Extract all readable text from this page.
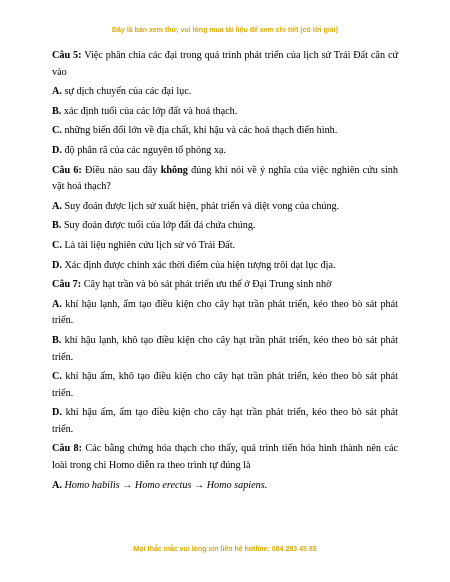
Đây là bản xem thử, vui lòng mua tài liệu để xem chi tiết (có lời giải)

Câu 5: Việc phân chia các đại trong quá trình phát triển của lịch sử Trái Đất căn cứ vào

A. sự dịch chuyển của các đại lục.

B. xác định tuổi của các lớp đất và hoá thạch.

C. những biến đổi lớn về địa chất, khí hậu và các hoá thạch điển hình.

D. độ phân rã của các nguyên tố phóng xạ.

Câu 6: Điều nào sau đây không đúng khi nói về ý nghĩa của việc nghiên cứu sinh vật hoá thạch?

A. Suy đoán được lịch sử xuất hiện, phát triển và diệt vong của chúng.

B. Suy đoán được tuổi của lớp đất đá chứa chúng.

C. Là tài liệu nghiên cứu lịch sử vỏ Trái Đất.

D. Xác định được chính xác thời điểm của hiện tượng trôi dạt lục địa.

Câu 7: Cây hạt trần và bò sát phát triển ưu thế ở Đại Trung sinh nhờ

A. khí hậu lạnh, ẩm tạo điều kiện cho cây hạt trần phát triển, kéo theo bò sát phát triển.

B. khí hậu lạnh, khô tạo điều kiện cho cây hạt trần phát triển, kéo theo bò sát phát triển.

C. khí hậu ấm, khô tạo điều kiện cho cây hạt trần phát triển, kéo theo bò sát phát triển.

D. khí hậu ấm, ẩm tạo điều kiện cho cây hạt trần phát triển, kéo theo bò sát phát triển.

Câu 8: Các bằng chứng hóa thạch cho thấy, quá trình tiến hóa hình thành nên các loài trong chi Homo diễn ra theo trình tự đúng là

A. Homo habilis → Homo erectus → Homo sapiens.

Mọi thắc mắc vui lòng xin liên hệ hotline: 084 283 45 85
